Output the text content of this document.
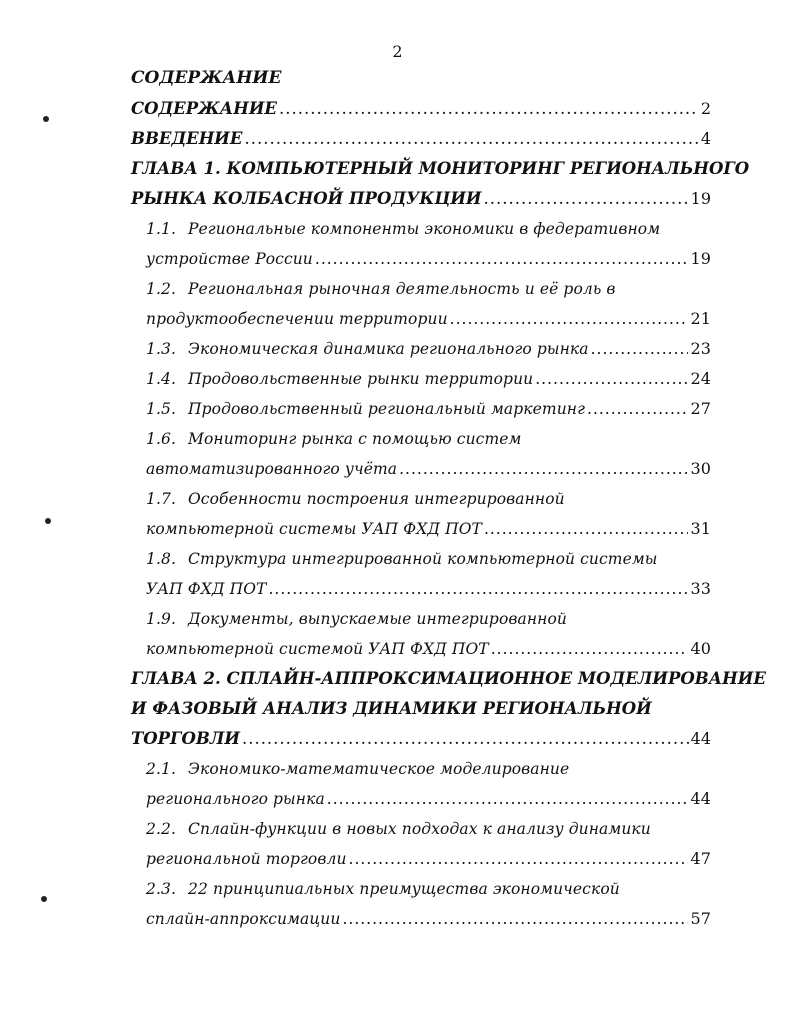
2
СОДЕРЖАНИЕ
СОДЕРЖАНИЕ .....	2
ВВЕДЕНИЕ .....	4
ГЛАВА 1. КОМПЬЮТЕРНЫЙ МОНИТОРИНГ РЕГИОНАЛЬНОГО
РЫНКА КОЛБАСНОЙ ПРОДУКЦИИ .....	19
1.1. Региональные компоненты экономики в федеративном
устройстве России .....	19
1.2. Региональная рыночная деятельность и её роль в
продуктообеспечении территории .....	21
1.3. Экономическая динамика регионального рынка .....	23
1.4. Продовольственные рынки территории .....	24
1.5. Продовольственный региональный маркетинг .....	27
1.6. Мониторинг рынка с помощью систем
автоматизированного учёта .....	30
1.7. Особенности построения интегрированной
компьютерной системы УАП ФХД ПОТ .....	31
1.8. Структура интегрированной компьютерной системы
УАП ФХД ПОТ .....	33
1.9. Документы, выпускаемые интегрированной
компьютерной системой УАП ФХД ПОТ .....	40
ГЛАВА 2. СПЛАЙН-АППРОКСИМАЦИОННОЕ МОДЕЛИРОВАНИЕ
И ФАЗОВЫЙ АНАЛИЗ ДИНАМИКИ РЕГИОНАЛЬНОЙ
ТОРГОВЛИ .....	44
2.1. Экономико-математическое моделирование
регионального рынка .....	44
2.2. Сплайн-функции в новых подходах к анализу динамики
региональной торговли .....	47
2.3. 22 принципиальных преимущества экономической
сплайн-аппроксимации .....	57
